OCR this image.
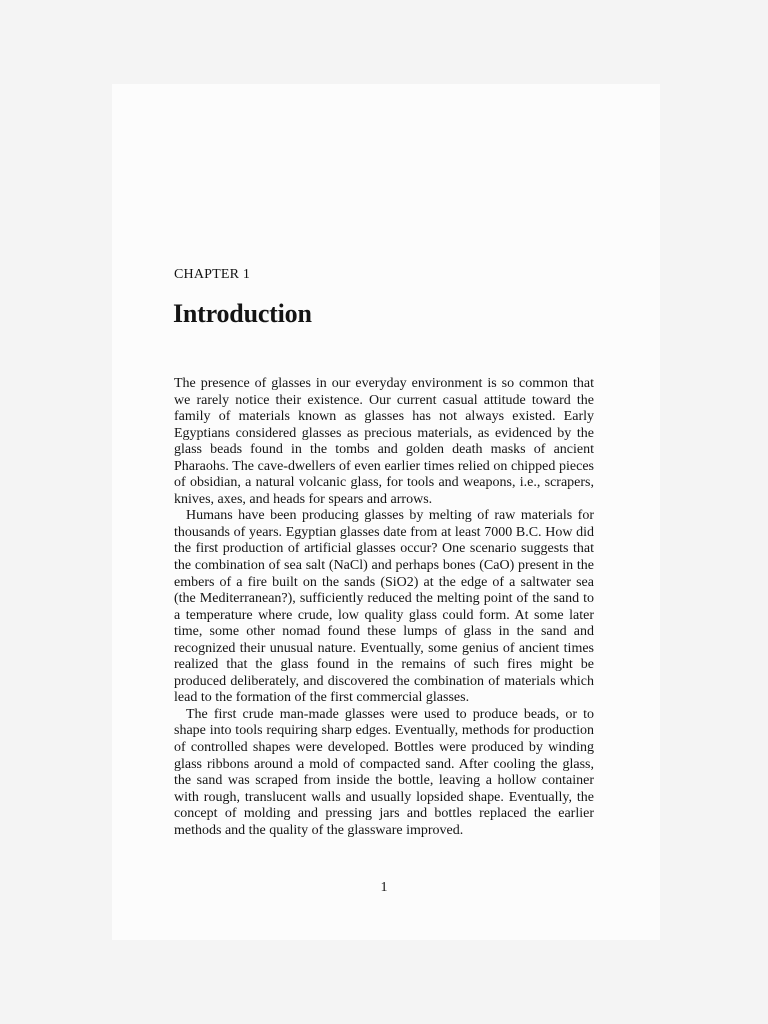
CHAPTER 1
Introduction

The presence of glasses in our everyday environment is so common that we rarely notice their existence. Our current casual attitude toward the family of materials known as glasses has not always existed. Early Egyptians considered glasses as precious materials, as evidenced by the glass beads found in the tombs and golden death masks of ancient Pharaohs. The cave-dwellers of even earlier times relied on chipped pieces of obsidian, a natural volcanic glass, for tools and weapons, i.e., scrapers, knives, axes, and heads for spears and arrows.

Humans have been producing glasses by melting of raw materials for thousands of years. Egyptian glasses date from at least 7000 B.C. How did the first production of artificial glasses occur? One scenario suggests that the combination of sea salt (NaCl) and perhaps bones (CaO) present in the embers of a fire built on the sands (SiO2) at the edge of a saltwater sea (the Mediterranean?), sufficiently reduced the melting point of the sand to a temperature where crude, low quality glass could form. At some later time, some other nomad found these lumps of glass in the sand and recognized their unusual nature. Eventually, some genius of ancient times realized that the glass found in the remains of such fires might be produced deliberately, and discovered the combination of materials which lead to the formation of the first commercial glasses.

The first crude man-made glasses were used to produce beads, or to shape into tools requiring sharp edges. Eventually, methods for production of controlled shapes were developed. Bottles were produced by winding glass ribbons around a mold of compacted sand. After cooling the glass, the sand was scraped from inside the bottle, leaving a hollow container with rough, translucent walls and usually lopsided shape. Eventually, the concept of molding and pressing jars and bottles replaced the earlier methods and the quality of the glassware improved.

1
